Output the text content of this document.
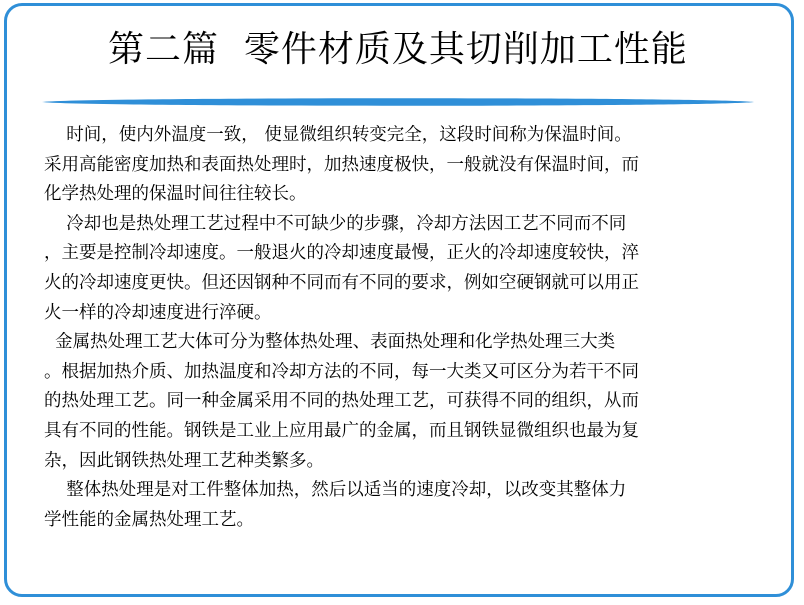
第二篇  零件材质及其切削加工性能
时间，使内外温度一致， 使显微组织转变完全，这段时间称为保温时间。
采用高能密度加热和表面热处理时，加热速度极快，一般就没有保温时间，而
化学热处理的保温时间往往较长。
冷却也是热处理工艺过程中不可缺少的步骤，冷却方法因工艺不同而不同
，主要是控制冷却速度。一般退火的冷却速度最慢，正火的冷却速度较快，淬
火的冷却速度更快。但还因钢种不同而有不同的要求，例如空硬钢就可以用正
火一样的冷却速度进行淬硬。
金属热处理工艺大体可分为整体热处理、表面热处理和化学热处理三大类
。根据加热介质、加热温度和冷却方法的不同，每一大类又可区分为若干不同
的热处理工艺。同一种金属采用不同的热处理工艺，可获得不同的组织，从而
具有不同的性能。钢铁是工业上应用最广的金属，而且钢铁显微组织也最为复
杂，因此钢铁热处理工艺种类繁多。
整体热处理是对工件整体加热，然后以适当的速度冷却，以改变其整体力
学性能的金属热处理工艺。
